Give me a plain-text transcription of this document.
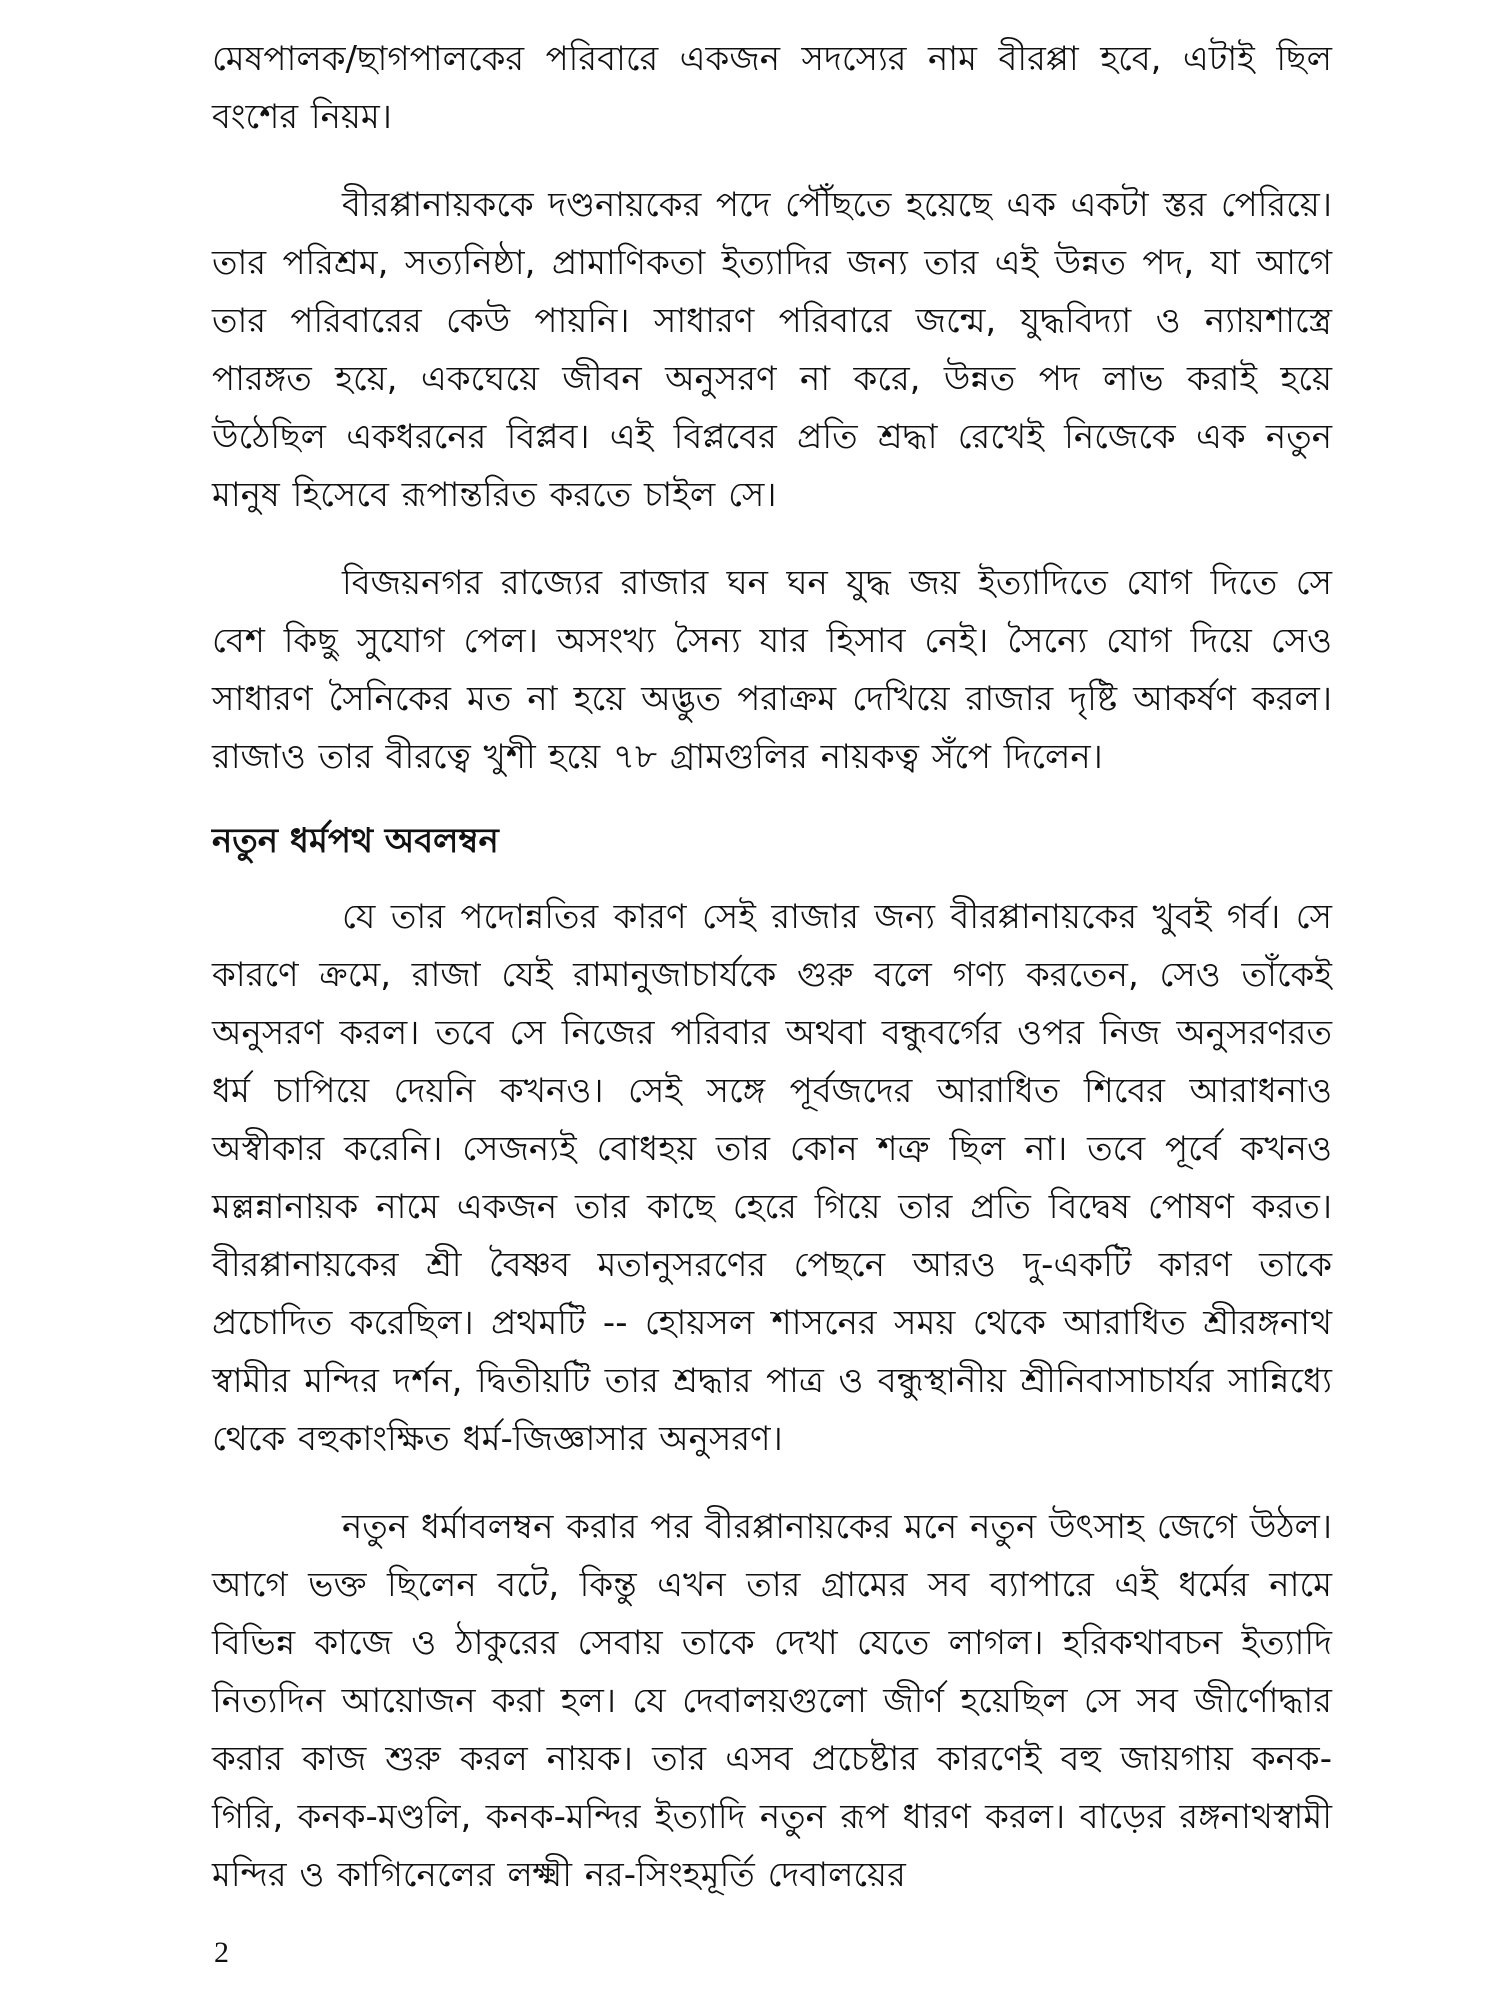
মেষপালক/ছাগপালকের পরিবারে একজন সদস্যের নাম বীরপ্পা হবে, এটাই ছিল বংশের নিয়ম।

বীরপ্পানায়ককে দণ্ডনায়কের পদে পৌঁছতে হয়েছে এক একটা স্তর পেরিয়ে। তার পরিশ্রম, সত্যনিষ্ঠা, প্রামাণিকতা ইত্যাদির জন্য তার এই উন্নত পদ, যা আগে তার পরিবারের কেউ পায়নি। সাধারণ পরিবারে জন্মে, যুদ্ধবিদ্যা ও ন্যায়শাস্ত্রে পারঙ্গত হয়ে, একঘেয়ে জীবন অনুসরণ না করে, উন্নত পদ লাভ করাই হয়ে উঠেছিল একধরনের বিপ্লব। এই বিপ্লবের প্রতি শ্রদ্ধা রেখেই নিজেকে এক নতুন মানুষ হিসেবে রূপান্তরিত করতে চাইল সে।

বিজয়নগর রাজ্যের রাজার ঘন ঘন যুদ্ধ জয় ইত্যাদিতে যোগ দিতে সে বেশ কিছু সুযোগ পেল। অসংখ্য সৈন্য যার হিসাব নেই। সৈন্যে যোগ দিয়ে সেও সাধারণ সৈনিকের মত না হয়ে অদ্ভুত পরাক্রম দেখিয়ে রাজার দৃষ্টি আকর্ষণ করল। রাজাও তার বীরত্বে খুশী হয়ে ৭৮ গ্রামগুলির নায়কত্ব সঁপে দিলেন।

নতুন ধর্মপথ অবলম্বন

যে তার পদোন্নতির কারণ সেই রাজার জন্য বীরপ্পানায়কের খুবই গর্ব। সে কারণে ক্রমে, রাজা যেই রামানুজাচার্যকে গুরু বলে গণ্য করতেন, সেও তাঁকেই অনুসরণ করল। তবে সে নিজের পরিবার অথবা বন্ধুবর্গের ওপর নিজ অনুসরণরত ধর্ম চাপিয়ে দেয়নি কখনও। সেই সঙ্গে পূর্বজদের আরাধিত শিবের আরাধনাও অস্বীকার করেনি। সেজন্যই বোধহয় তার কোন শত্রু ছিল না। তবে পূর্বে কখনও মল্লন্নানায়ক নামে একজন তার কাছে হেরে গিয়ে তার প্রতি বিদ্বেষ পোষণ করত। বীরপ্পানায়কের শ্রী বৈষ্ণব মতানুসরণের পেছনে আরও দু-একটি কারণ তাকে প্রচোদিত করেছিল। প্রথমটি -- হোয়সল শাসনের সময় থেকে আরাধিত শ্রীরঙ্গনাথ স্বামীর মন্দির দর্শন, দ্বিতীয়টি তার শ্রদ্ধার পাত্র ও বন্ধুস্থানীয় শ্রীনিবাসাচার্যর সান্নিধ্যে থেকে বহুকাংক্ষিত ধর্ম-জিজ্ঞাসার অনুসরণ।

নতুন ধর্মাবলম্বন করার পর বীরপ্পানায়কের মনে নতুন উৎসাহ জেগে উঠল। আগে ভক্ত ছিলেন বটে, কিন্তু এখন তার গ্রামের সব ব্যাপারে এই ধর্মের নামে বিভিন্ন কাজে ও ঠাকুরের সেবায় তাকে দেখা যেতে লাগল। হরিকথাবচন ইত্যাদি নিত্যদিন আয়োজন করা হল। যে দেবালয়গুলো জীর্ণ হয়েছিল সে সব জীর্ণোদ্ধার করার কাজ শুরু করল নায়ক। তার এসব প্রচেষ্টার কারণেই বহু জায়গায় কনক-গিরি, কনক-মণ্ডলি, কনক-মন্দির ইত্যাদি নতুন রূপ ধারণ করল। বাড়ের রঙ্গনাথস্বামী মন্দির ও কাগিনেলের লক্ষ্মী নর-সিংহমূর্তি দেবালয়ের

2
